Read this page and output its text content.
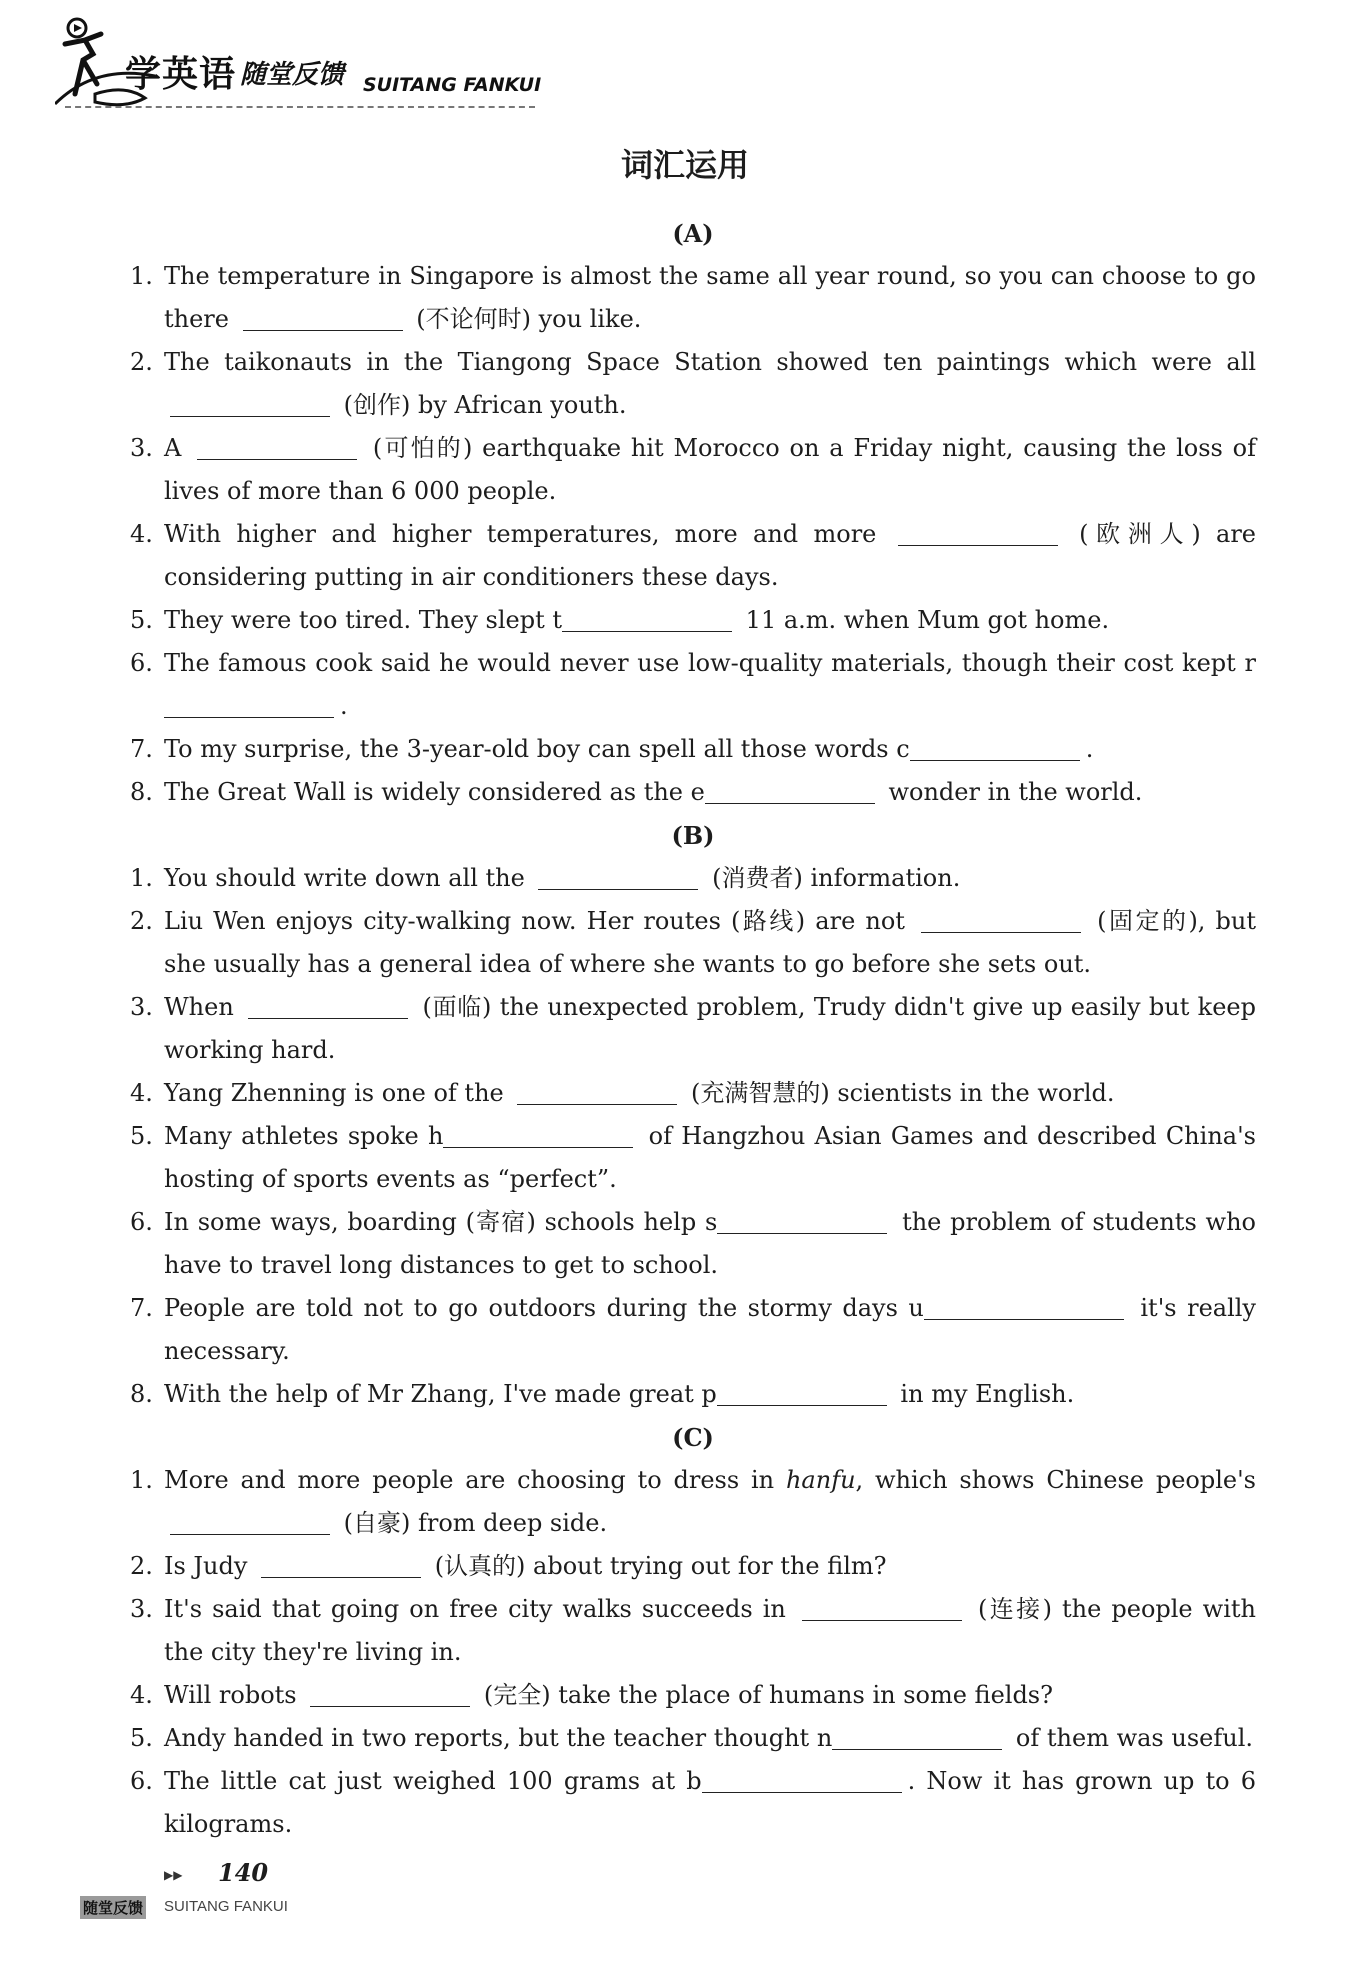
学英语 随堂反馈 SUITANG FANKUI
词汇运用
(A)
1. The temperature in Singapore is almost the same all year round, so you can choose to go there	(不论何时) you like.
2. The taikonauts in the Tiangong Space Station showed ten paintings which were all  (创作) by African youth.
3. A	(可怕的) earthquake hit Morocco on a Friday night, causing the loss of lives of more than 6 000 people.
4. With higher and higher temperatures, more and more	(欧洲人) are considering putting in air conditioners these days.
5. They were too tired. They slept t	11 a.m. when Mum got home.
6. The famous cook said he would never use low-quality materials, though their cost kept r.
7. To my surprise, the 3-year-old boy can spell all those words c	.
8. The Great Wall is widely considered as the e	wonder in the world.
(B)
1. You should write down all the	(消费者) information.
2. Liu Wen enjoys city-walking now. Her routes (路线) are not	(固定的), but she usually has a general idea of where she wants to go before she sets out.
3. When	(面临) the unexpected problem, Trudy didn't give up easily but keep working hard.
4. Yang Zhenning is one of the	(充满智慧的) scientists in the world.
5. Many athletes spoke h	of Hangzhou Asian Games and described China's hosting of sports events as “perfect”.
6. In some ways, boarding (寄宿) schools help s	the problem of students who have to travel long distances to get to school.
7. People are told not to go outdoors during the stormy days u	it's really necessary.
8. With the help of Mr Zhang, I've made great p	in my English.
(C)
1. More and more people are choosing to dress in hanfu, which shows Chinese people's  (自豪) from deep side.
2. Is Judy	(认真的) about trying out for the film?
3. It's said that going on free city walks succeeds in	(连接) the people with the city they're living in.
4. Will robots	(完全) take the place of humans in some fields?
5. Andy handed in two reports, but the teacher thought n	of them was useful.
6. The little cat just weighed 100 grams at b	. Now it has grown up to 6 kilograms.
▶▶ 140
随堂反馈 SUITANG FANKUI
